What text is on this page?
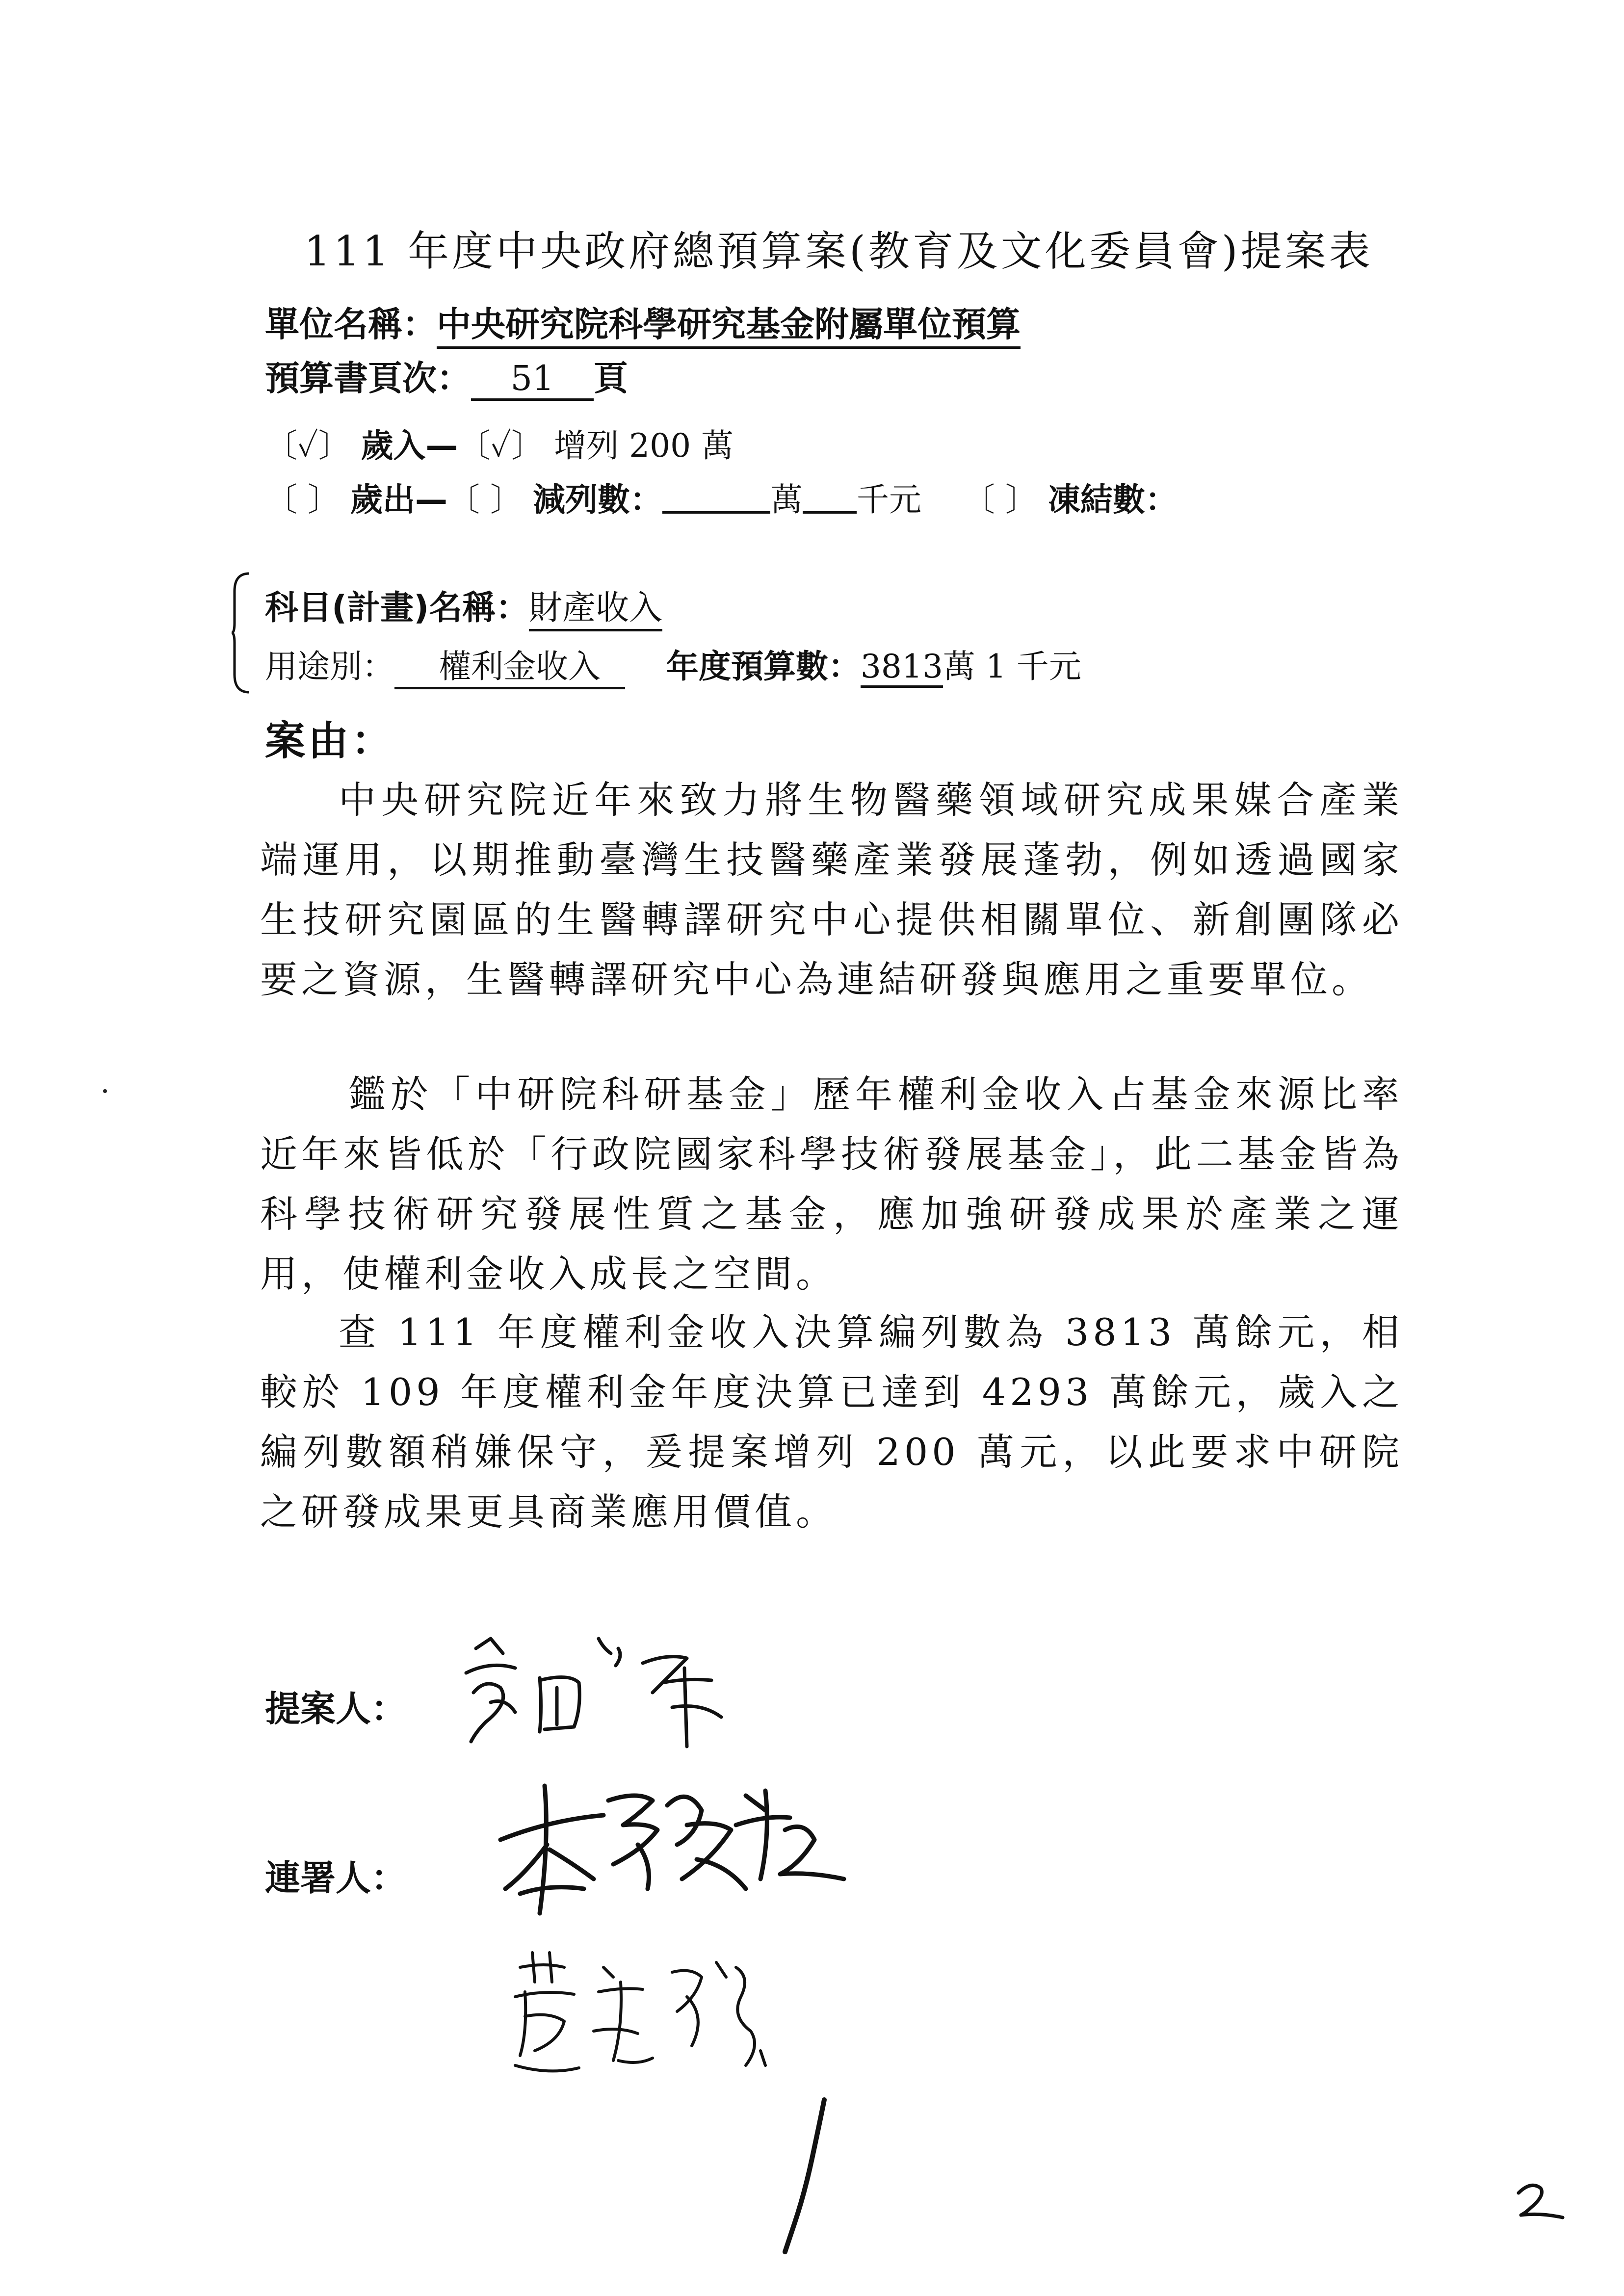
111 年度中央政府總預算案(教育及文化委員會)提案表
單位名稱：中央研究院科學研究基金附屬單位預算
預算書頁次： 51 頁
〔✓〕 歲入—〔✓〕 增列 200 萬
〔 〕 歲出—〔 〕 減列數：	萬 千元 〔 〕 凍結數：
科目(計畫)名稱：財產收入
用途別： 權利金收入 年度預算數：3813萬 1 千元
案由：

中央研究院近年來致力將生物醫藥領域研究成果媒合產業端運用，以期推動臺灣生技醫藥產業發展蓬勃，例如透過國家生技研究園區的生醫轉譯研究中心提供相關單位、新創團隊必要之資源，生醫轉譯研究中心為連結研發與應用之重要單位。

鑑於「中研院科研基金」歷年權利金收入占基金來源比率近年來皆低於「行政院國家科學技術發展基金」，此二基金皆為科學技術研究發展性質之基金，應加強研發成果於產業之運用，使權利金收入成長之空間。

查 111 年度權利金收入決算編列數為 3813 萬餘元，相較於 109 年度權利金年度決算已達到 4293 萬餘元，歲入之編列數額稍嫌保守，爰提案增列 200 萬元，以此要求中研院之研發成果更具商業應用價值。

提案人：
連署人：
